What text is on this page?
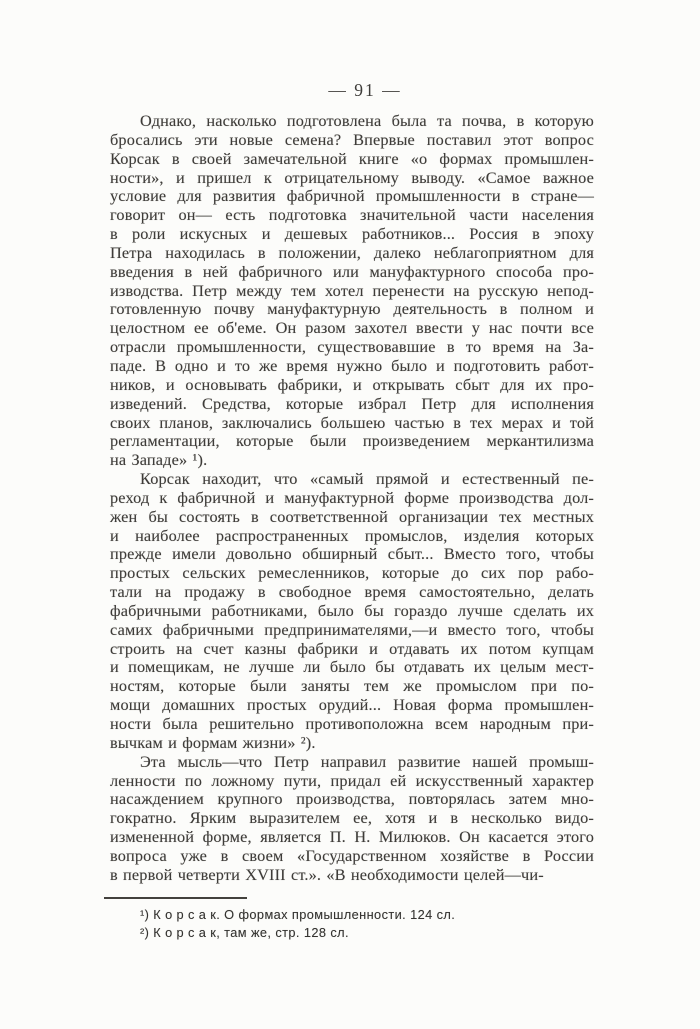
— 91 —
Однако, насколько подготовлена была та почва, в которую
бросались эти новые семена? Впервые поставил этот вопрос
Корсак в своей замечательной книге «о формах промышлен-
ности», и пришел к отрицательному выводу. «Самое важное
условие для развития фабричной промышленности в стране—
говорит он— есть подготовка значительной части населения
в роли искусных и дешевых работников... Россия в эпоху
Петра находилась в положении, далеко неблагоприятном для
введения в ней фабричного или мануфактурного способа про-
изводства. Петр между тем хотел перенести на русскую непод-
готовленную почву мануфактурную деятельность в полном и
целостном ее об'еме. Он разом захотел ввести у нас почти все
отрасли промышленности, существовавшие в то время на За-
паде. В одно и то же время нужно было и подготовить работ-
ников, и основывать фабрики, и открывать сбыт для их про-
изведений. Средства, которые избрал Петр для исполнения
своих планов, заключались большею частью в тех мерах и той
регламентации, которые были произведением меркантилизма
на Западе» ¹).
Корсак находит, что «самый прямой и естественный пе-
реход к фабричной и мануфактурной форме производства дол-
жен бы состоять в соответственной организации тех местных
и наиболее распространенных промыслов, изделия которых
прежде имели довольно обширный сбыт... Вместо того, чтобы
простых сельских ремесленников, которые до сих пор рабо-
тали на продажу в свободное время самостоятельно, делать
фабричными работниками, было бы гораздо лучше сделать их
самих фабричными предпринимателями,—и вместо того, чтобы
строить на счет казны фабрики и отдавать их потом купцам
и помещикам, не лучше ли было бы отдавать их целым мест-
ностям, которые были заняты тем же промыслом при по-
мощи домашних простых орудий... Новая форма промышлен-
ности была решительно противоположна всем народным при-
вычкам и формам жизни» ²).
Эта мысль—что Петр направил развитие нашей промыш-
ленности по ложному пути, придал ей искусственный характер
насаждением крупного производства, повторялась затем мно-
гократно. Ярким выразителем ее, хотя и в несколько видо-
измененной форме, является П. Н. Милюков. Он касается этого
вопроса уже в своем «Государственном хозяйстве в России
в первой четверти XVIII ст.». «В необходимости целей—чи-
¹) К о р с а к. О формах промышленности. 124 сл.
²) К о р с а к, там же, стр. 128 сл.
